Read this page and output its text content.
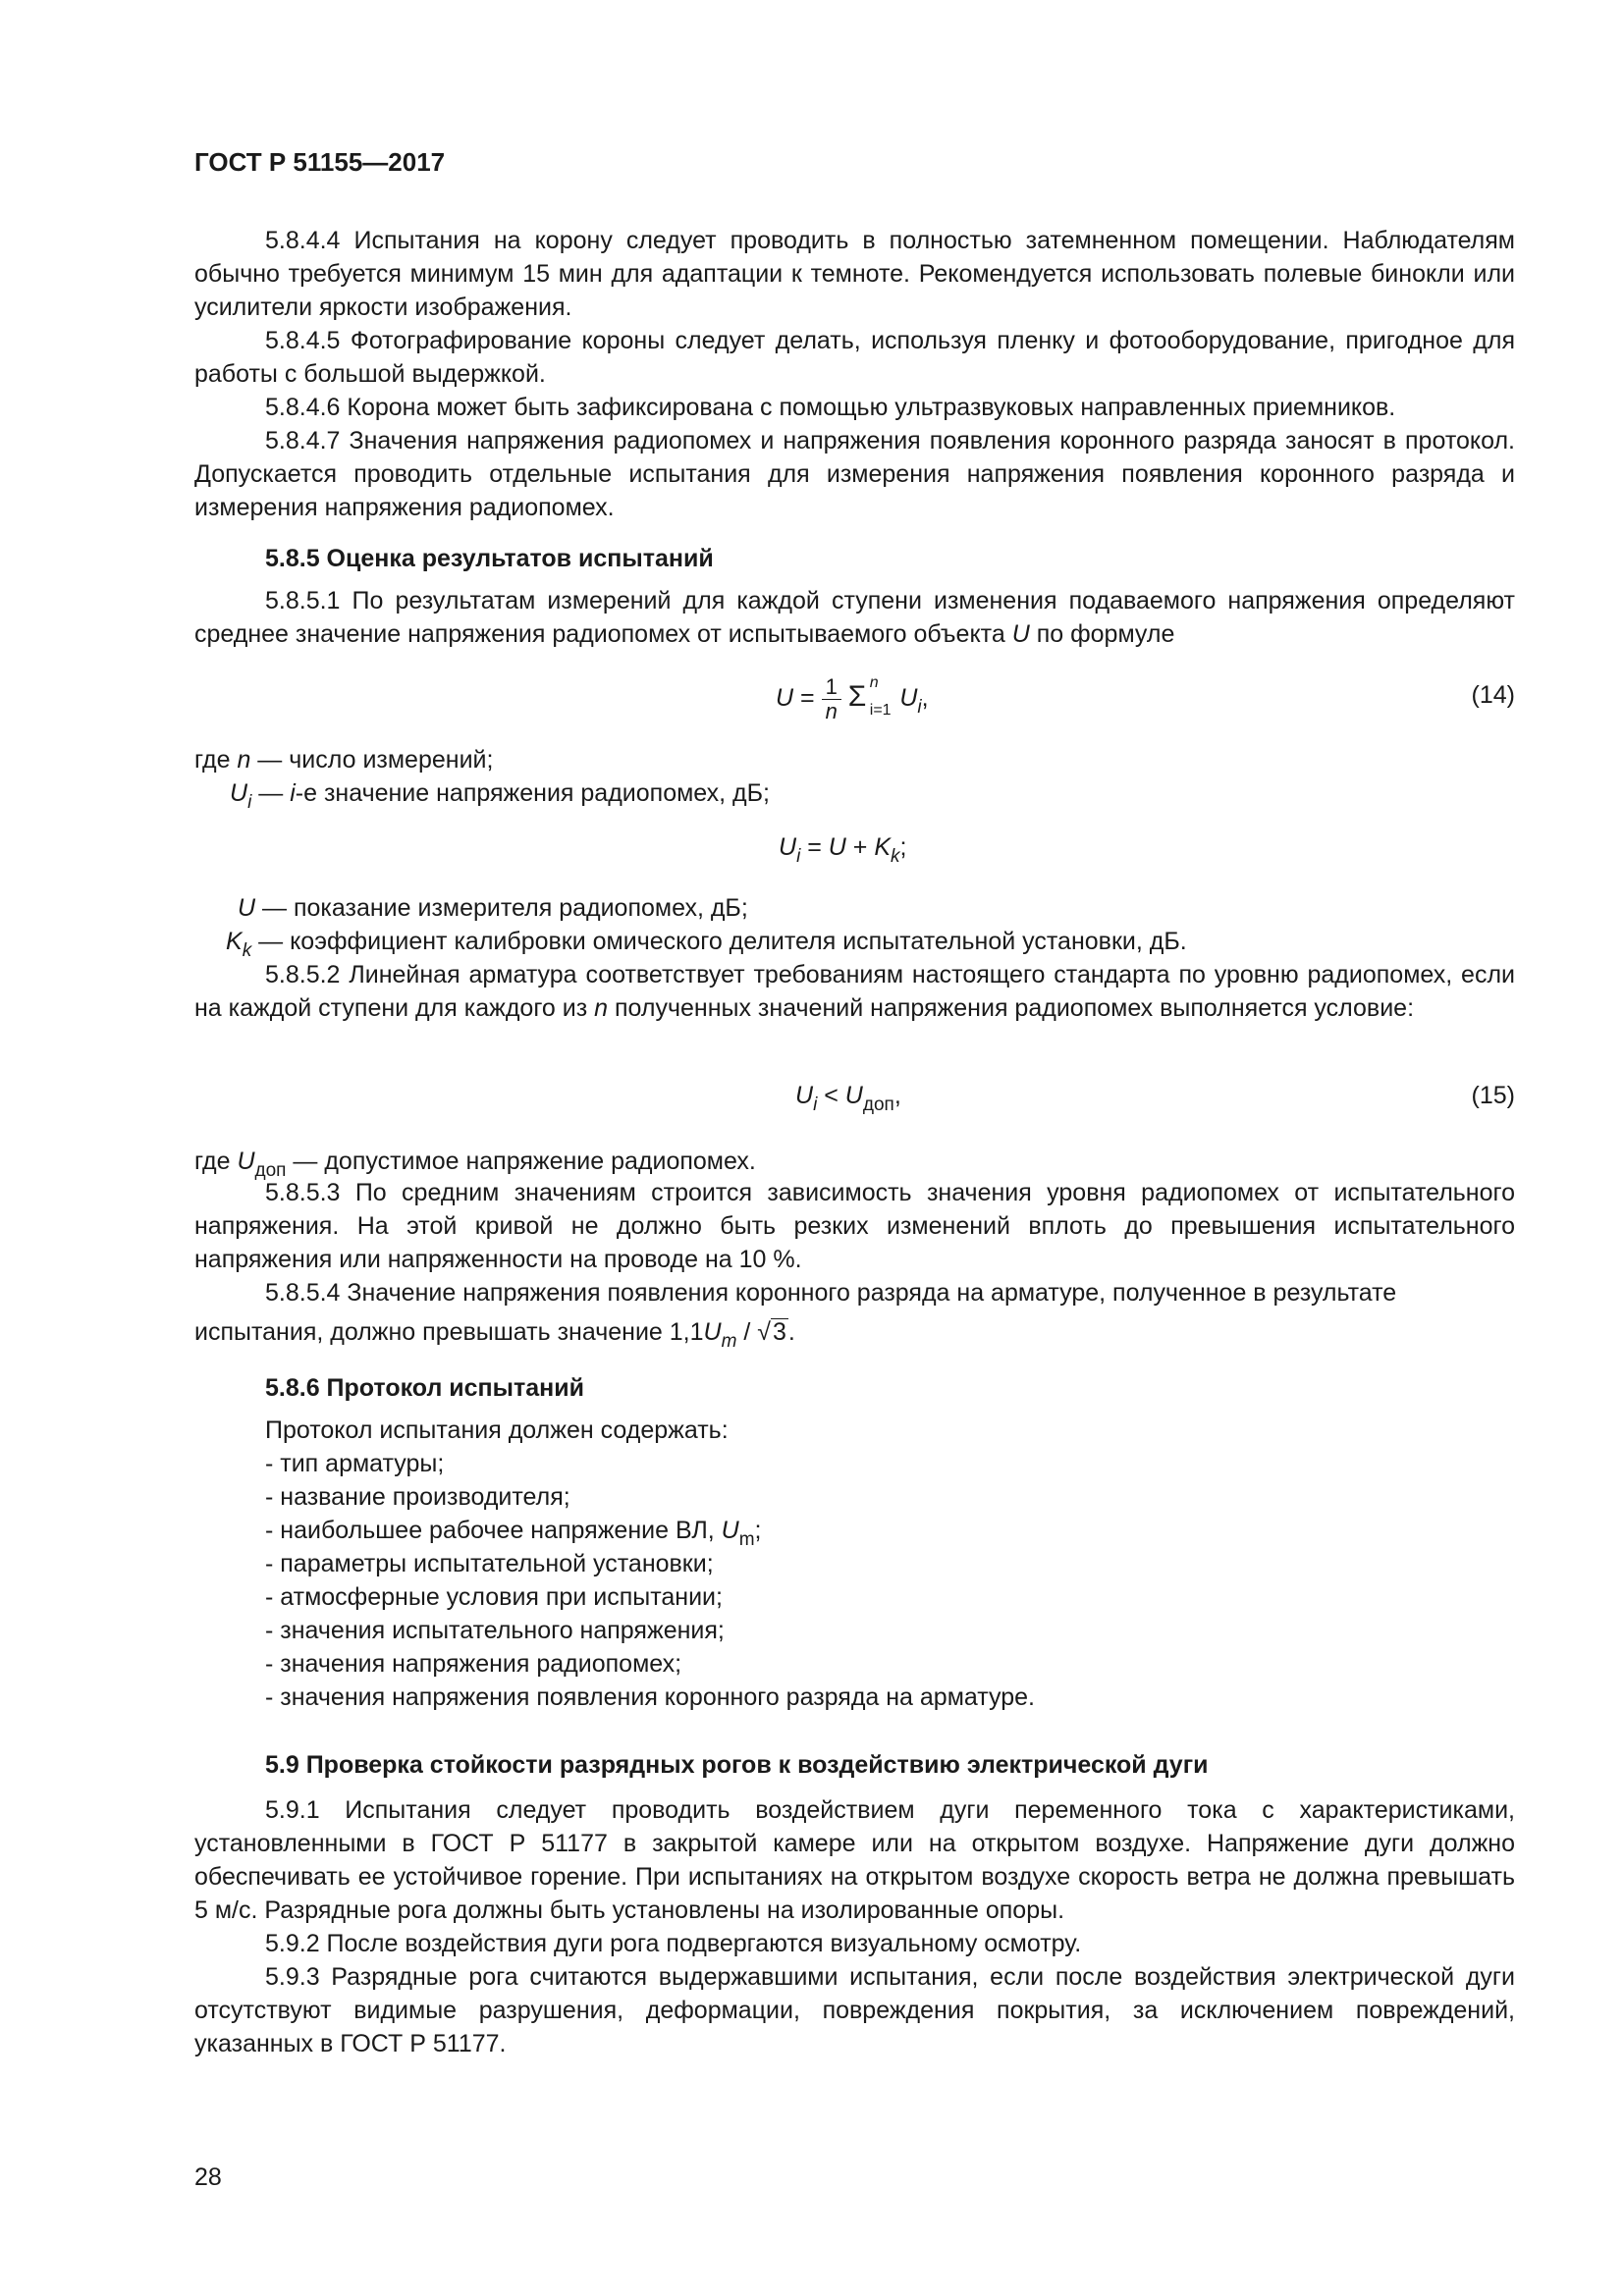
ГОСТ Р 51155—2017

5.8.4.4 Испытания на корону следует проводить в полностью затемненном помещении. Наблюдателям обычно требуется минимум 15 мин для адаптации к темноте. Рекомендуется использовать полевые бинокли или усилители яркости изображения.

5.8.4.5 Фотографирование короны следует делать, используя пленку и фотооборудование, пригодное для работы с большой выдержкой.

5.8.4.6 Корона может быть зафиксирована с помощью ультразвуковых направленных приемников.

5.8.4.7 Значения напряжения радиопомех и напряжения появления коронного разряда заносят в протокол. Допускается проводить отдельные испытания для измерения напряжения появления коронного разряда и измерения напряжения радиопомех.

5.8.5 Оценка результатов испытаний

5.8.5.1 По результатам измерений для каждой ступени изменения подаваемого напряжения определяют среднее значение напряжения радиопомех от испытываемого объекта U по формуле

$U = \frac{1}{n}$ Σ n
i=1 $U_i$,	(14)
где n — число измерений;
$U_i$ — i-е значение напряжения радиопомех, дБ;
$U_i = U + K_k$;
U — показание измерителя радиопомех, дБ;
$K_k$ — коэффициент калибровки омического делителя испытательной установки, дБ.

5.8.5.2 Линейная арматура соответствует требованиям настоящего стандарта по уровню радиопомех, если на каждой ступени для каждого из n полученных значений напряжения радиопомех выполняется условие:

$U_i < U_{доп}$,	(15)
где $U_{доп}$ — допустимое напряжение радиопомех.

5.8.5.3 По средним значениям строится зависимость значения уровня радиопомех от испытательного напряжения. На этой кривой не должно быть резких изменений вплоть до превышения испытательного напряжения или напряженности на проводе на 10 %.

5.8.5.4 Значение напряжения появления коронного разряда на арматуре, полученное в результате

испытания, должно превышать значение $1,1U_m / √3$.

5.8.6 Протокол испытаний
Протокол испытания должен содержать:
- тип арматуры;
- название производителя;
- наибольшее рабочее напряжение ВЛ, $U_m$;
- параметры испытательной установки;
- атмосферные условия при испытании;
- значения испытательного напряжения;
- значения напряжения радиопомех;
- значения напряжения появления коронного разряда на арматуре.
5.9 Проверка стойкости разрядных рогов к воздействию электрической дуги

5.9.1 Испытания следует проводить воздействием дуги переменного тока с характеристиками, установленными в ГОСТ Р 51177 в закрытой камере или на открытом воздухе. Напряжение дуги должно обеспечивать ее устойчивое горение. При испытаниях на открытом воздухе скорость ветра не должна превышать 5 м/с. Разрядные рога должны быть установлены на изолированные опоры.

5.9.2 После воздействия дуги рога подвергаются визуальному осмотру.

5.9.3 Разрядные рога считаются выдержавшими испытания, если после воздействия электрической дуги отсутствуют видимые разрушения, деформации, повреждения покрытия, за исключением повреждений, указанных в ГОСТ Р 51177.

28
